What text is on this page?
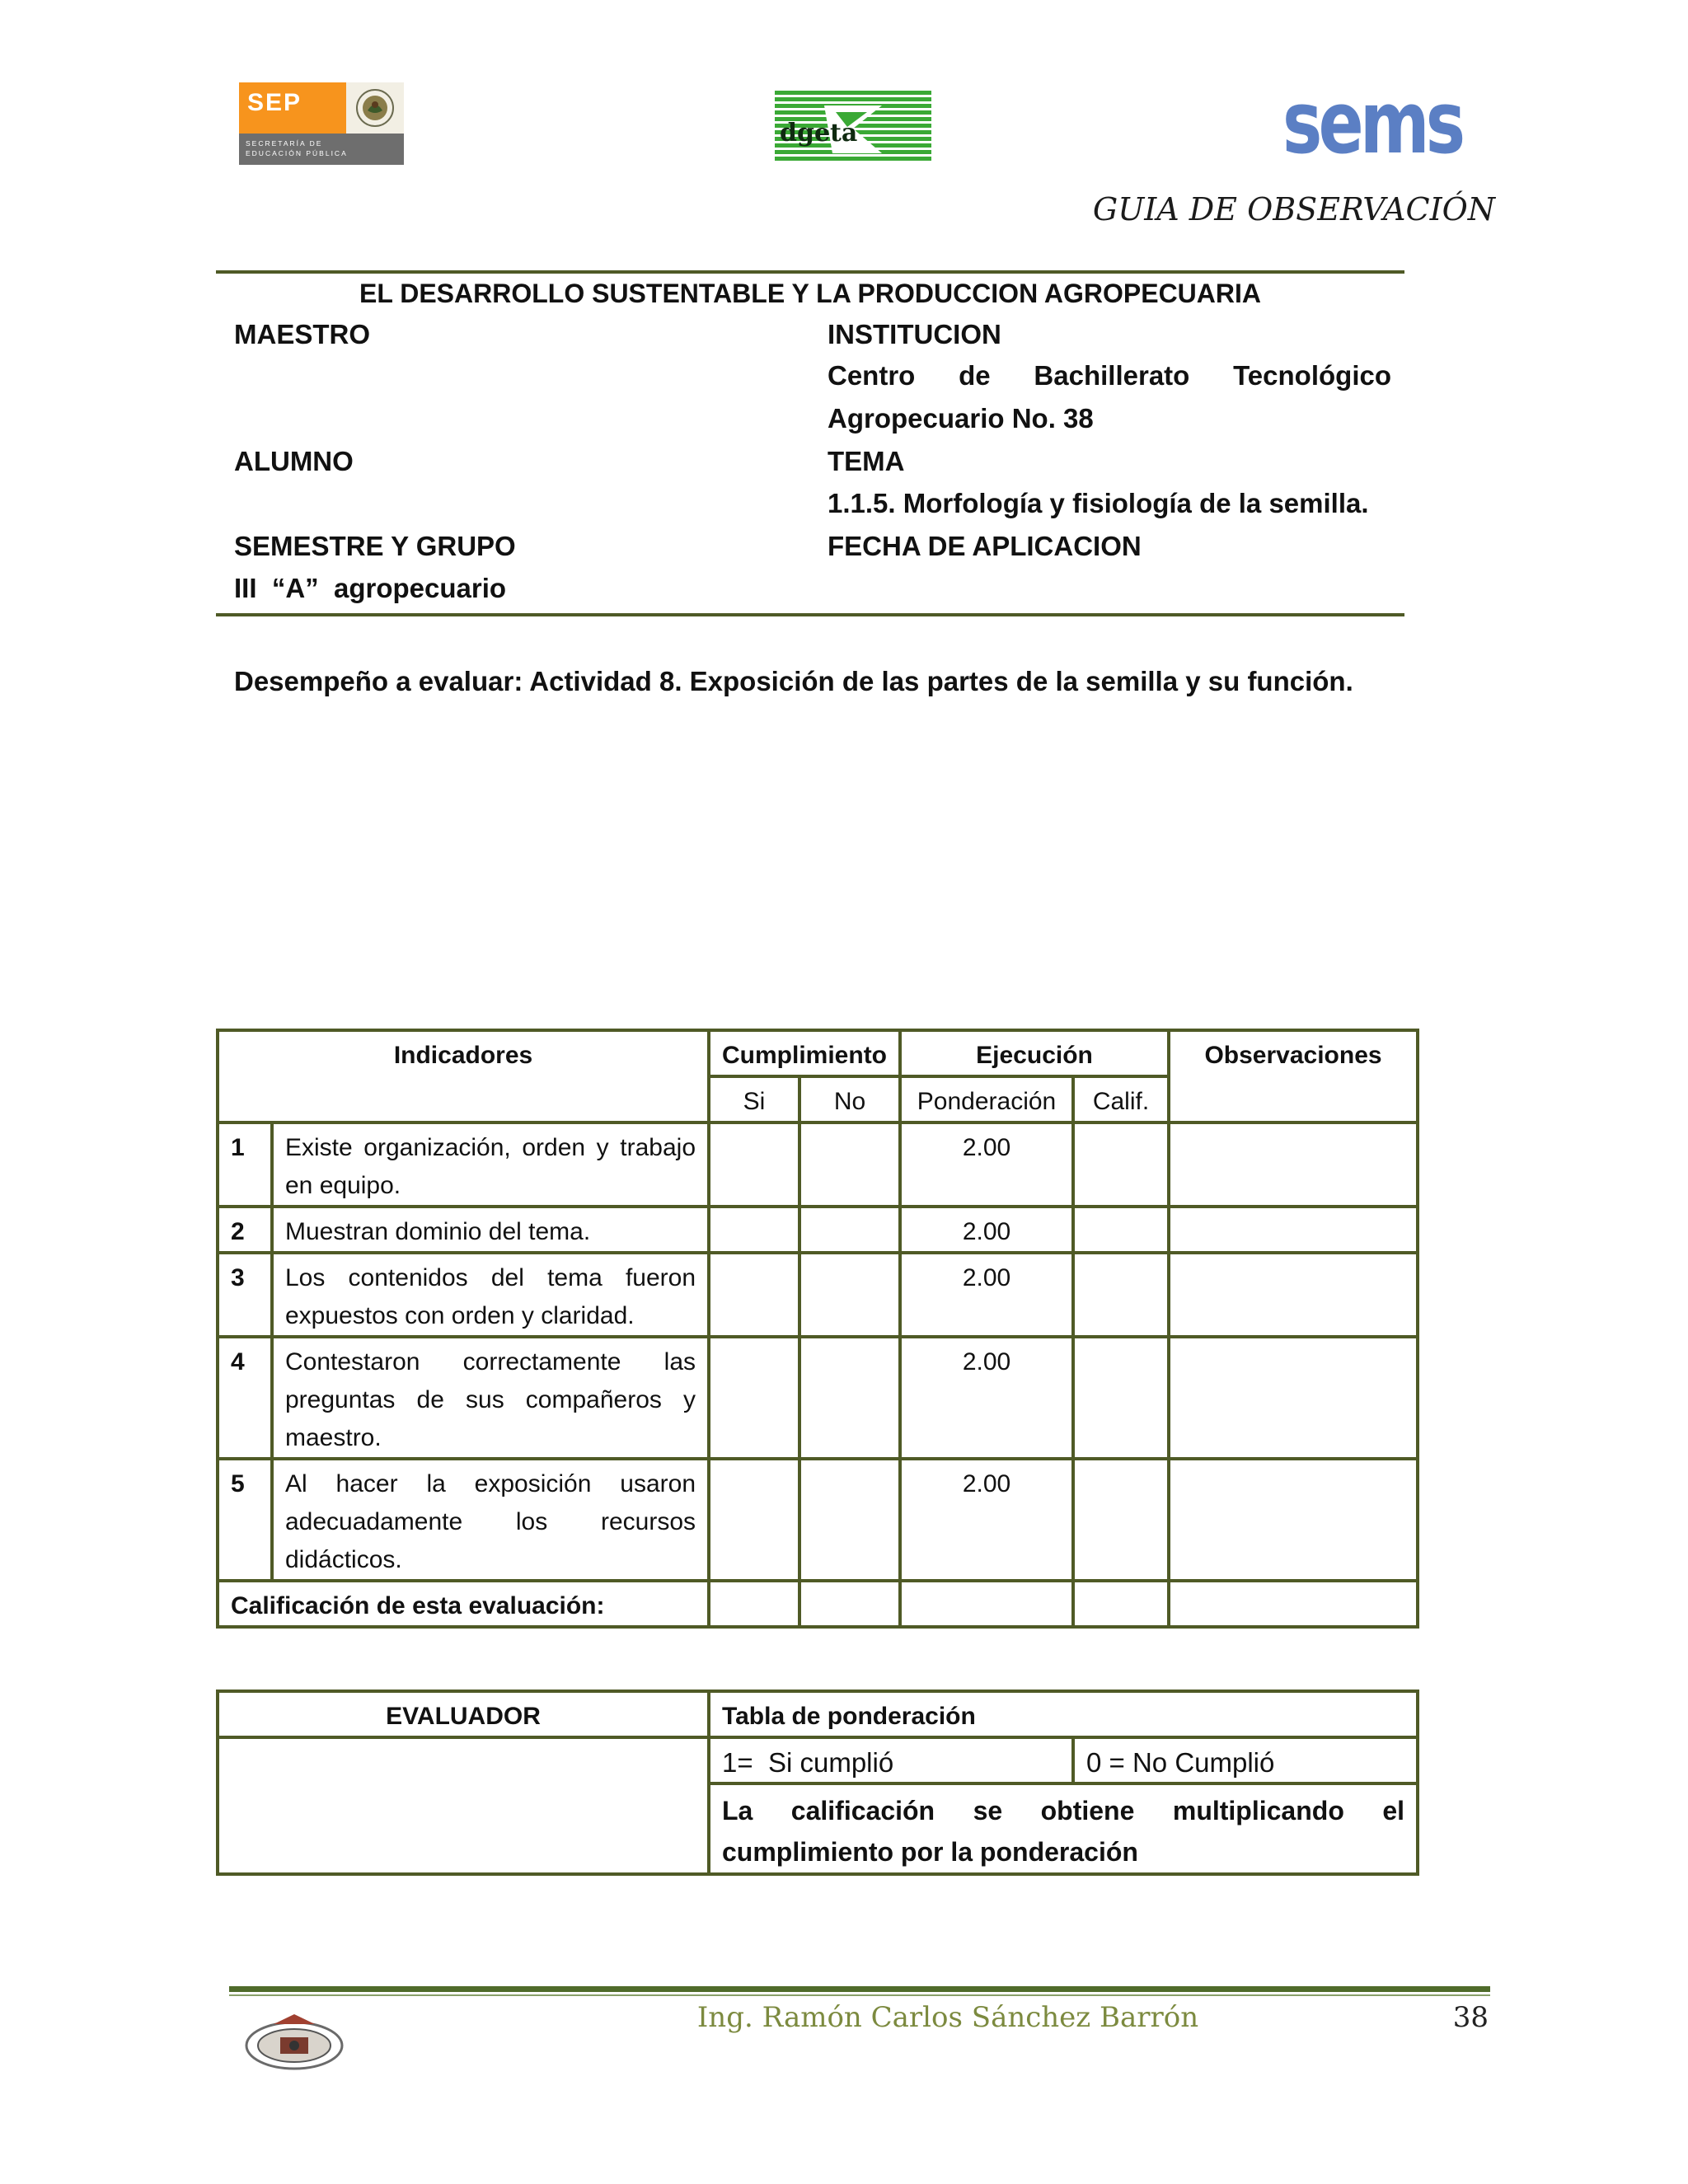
SEP
SECRETARÍA DE
EDUCACIÓN PÚBLICA
dgeta	sems
GUIA DE OBSERVACIÓN
EL DESARROLLO SUSTENTABLE Y LA PRODUCCION AGROPECUARIA
MAESTRO	INSTITUCION
Centro de Bachillerato Tecnológico
Agropecuario No. 38
ALUMNO	TEMA
1.1.5. Morfología y fisiología de la semilla.
SEMESTRE Y GRUPO	FECHA DE APLICACION
III  “A”  agropecuario
Desempeño a evaluar: Actividad 8. Exposición de las partes de la semilla y su función.
Indicadores		Cumplimiento		Ejecución		Observaciones
		Si	No	Ponderación	Calif.	
1	Existe organización, orden y trabajo en equipo.			2.00		
2	Muestran dominio del tema.			2.00		
3	Los contenidos del tema fueron expuestos con orden y claridad.			2.00		
4	Contestaron correctamente las preguntas de sus compañeros y maestro.			2.00		
5	Al hacer la exposición usaron adecuadamente los recursos didácticos.			2.00		
Calificación de esta evaluación:						
EVALUADOR	Tabla de ponderación	
	1=  Si cumplió	0 = No Cumplió
	La calificación se obtiene multiplicando el cumplimiento por la ponderación	
Ing. Ramón Carlos Sánchez Barrón	38
